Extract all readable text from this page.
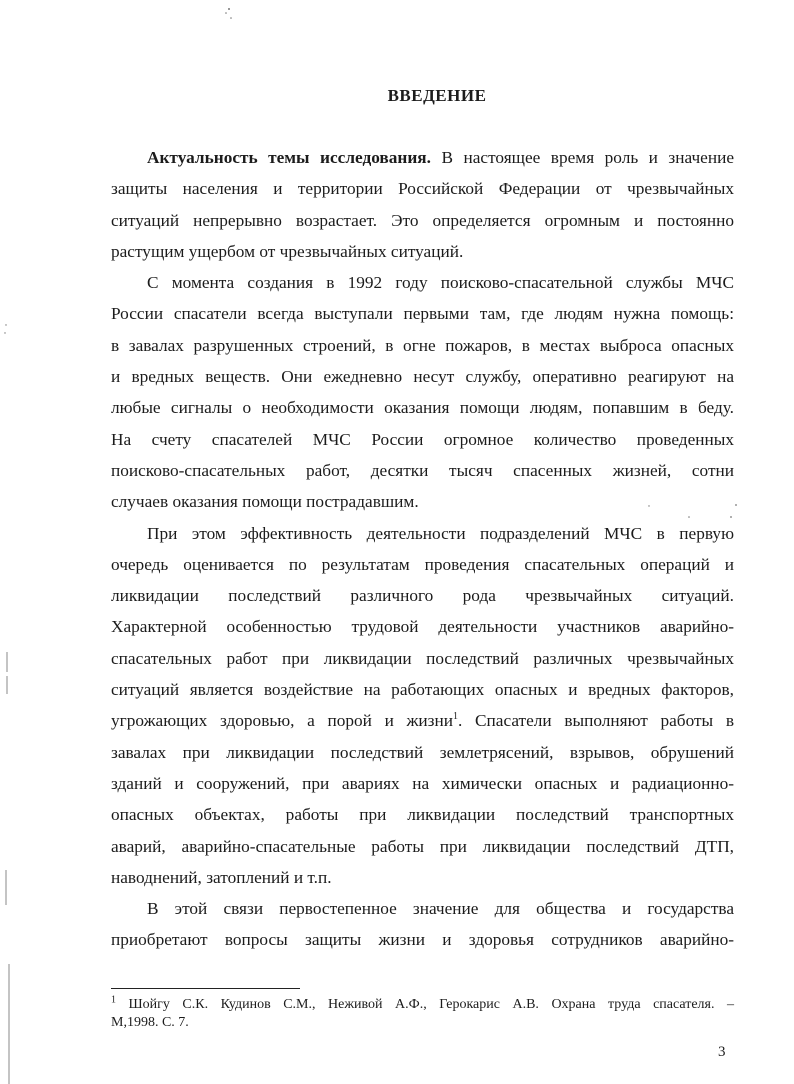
ВВЕДЕНИЕ
Актуальность темы исследования. В настоящее время роль и значение
защиты населения и территории Российской Федерации от чрезвычайных
ситуаций непрерывно возрастает. Это определяется огромным и постоянно
растущим ущербом от чрезвычайных ситуаций.
С момента создания в 1992 году поисково-спасательной службы МЧС
России спасатели всегда выступали первыми там, где людям нужна помощь:
в завалах разрушенных строений, в огне пожаров, в местах выброса опасных
и вредных веществ. Они ежедневно несут службу, оперативно реагируют на
любые сигналы о необходимости оказания помощи людям, попавшим в беду.
На счету спасателей МЧС России огромное количество проведенных
поисково-спасательных работ, десятки тысяч спасенных жизней, сотни
случаев оказания помощи пострадавшим.
При этом эффективность деятельности подразделений МЧС в первую
очередь оценивается по результатам проведения спасательных операций и
ликвидации последствий различного рода чрезвычайных ситуаций.
Характерной особенностью трудовой деятельности участников аварийно-
спасательных работ при ликвидации последствий различных чрезвычайных
ситуаций является воздействие на работающих опасных и вредных факторов,
угрожающих здоровью, а порой и жизни$^1$. Спасатели выполняют работы в
завалах при ликвидации последствий землетрясений, взрывов, обрушений
зданий и сооружений, при авариях на химически опасных и радиационно-
опасных объектах, работы при ликвидации последствий транспортных
аварий, аварийно-спасательные работы при ликвидации последствий ДТП,
наводнений, затоплений и т.п.
В этой связи первостепенное значение для общества и государства
приобретают вопросы защиты жизни и здоровья сотрудников аварийно-
$^1$ Шойгу С.К. Кудинов С.М., Неживой А.Ф., Герокарис А.В. Охрана труда спасателя. –
М,1998. С. 7.
3
